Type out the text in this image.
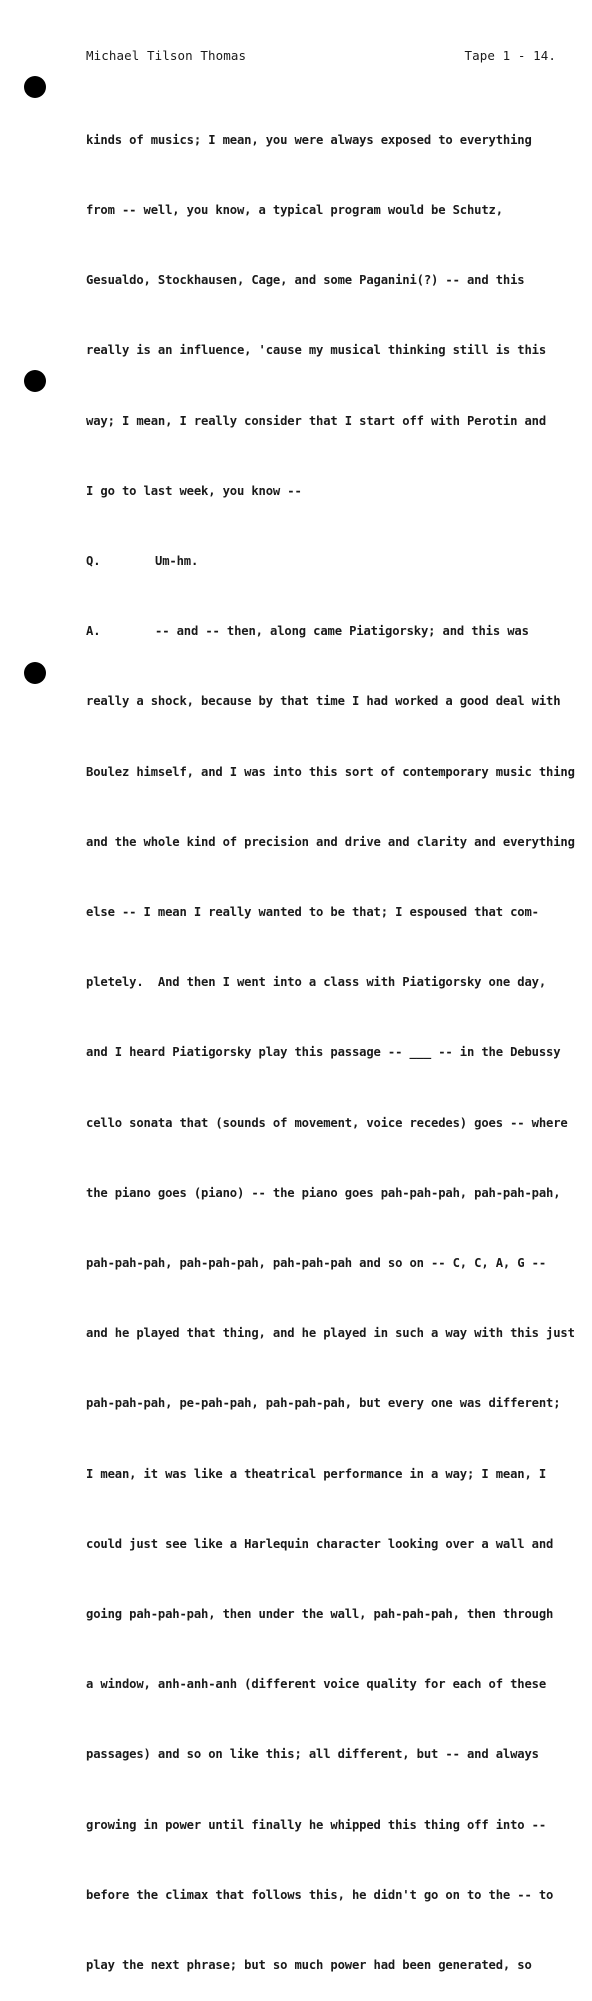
Michael Tilson Thomas	Tape 1 - 14.

kinds of musics; I mean, you were always exposed to everything

from -- well, you know, a typical program would be Schutz,

Gesualdo, Stockhausen, Cage, and some Paganini(?) -- and this

really is an influence, 'cause my musical thinking still is this

way; I mean, I really consider that I start off with Perotin and

I go to last week, you know --

Q.	Um-hm.

A.	-- and -- then, along came Piatigorsky; and this was

really a shock, because by that time I had worked a good deal with

Boulez himself, and I was into this sort of contemporary music thing

and the whole kind of precision and drive and clarity and everything

else -- I mean I really wanted to be that; I espoused that com-

pletely.  And then I went into a class with Piatigorsky one day,

and I heard Piatigorsky play this passage -- ___ -- in the Debussy

cello sonata that (sounds of movement, voice recedes) goes -- where

the piano goes (piano) -- the piano goes pah-pah-pah, pah-pah-pah,

pah-pah-pah, pah-pah-pah, pah-pah-pah and so on -- C, C, A, G --

and he played that thing, and he played in such a way with this just

pah-pah-pah, pe-pah-pah, pah-pah-pah, but every one was different;

I mean, it was like a theatrical performance in a way; I mean, I

could just see like a Harlequin character looking over a wall and

going pah-pah-pah, then under the wall, pah-pah-pah, then through

a window, anh-anh-anh (different voice quality for each of these

passages) and so on like this; all different, but -- and always

growing in power until finally he whipped this thing off into --

before the climax that follows this, he didn't go on to the -- to

play the next phrase; but so much power had been generated, so
